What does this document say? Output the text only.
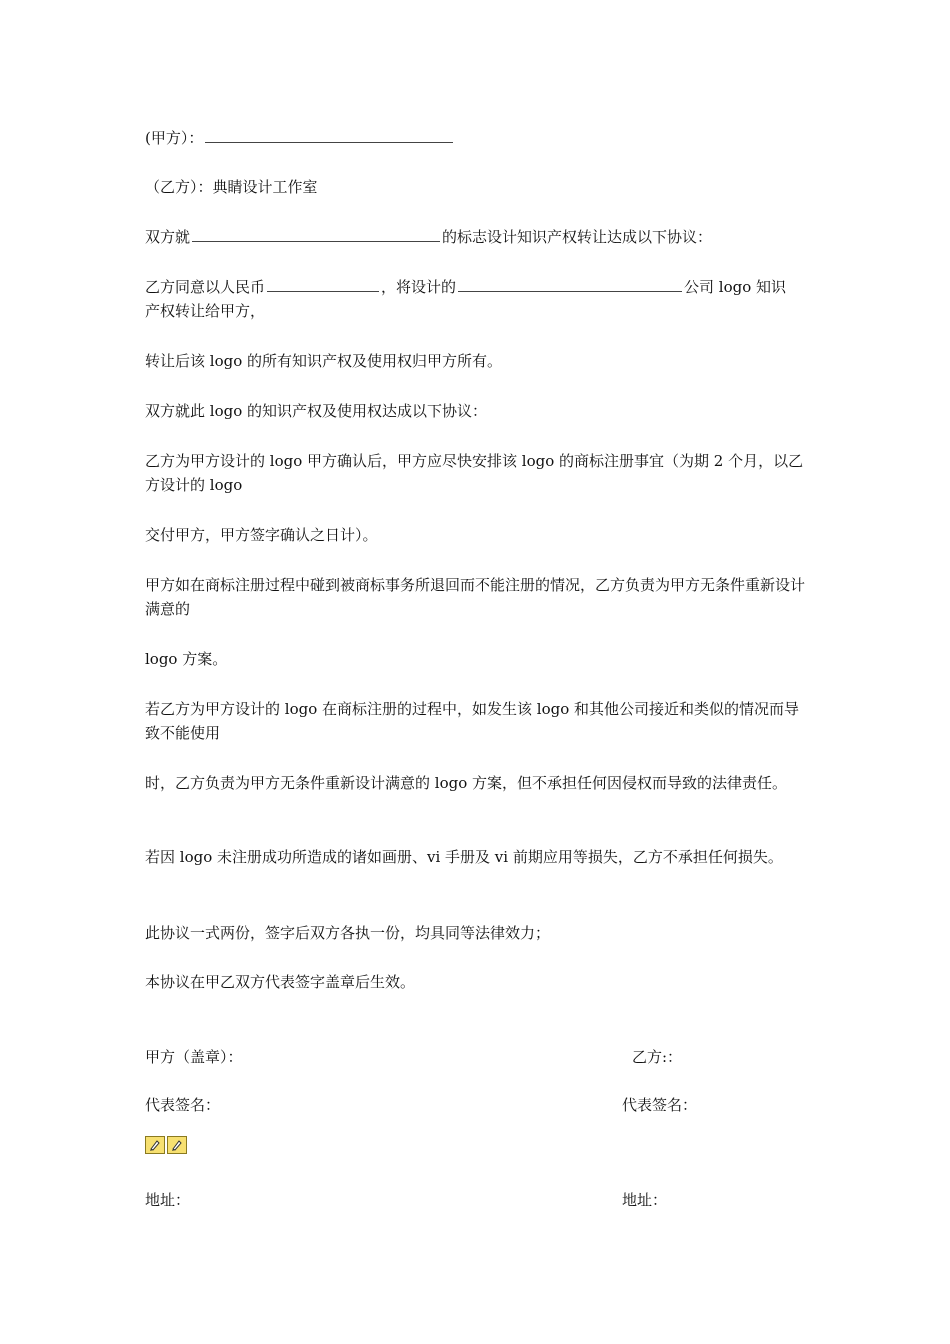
(甲方）：
（乙方）：典睛设计工作室
双方就	的标志设计知识产权转让达成以下协议：
乙方同意以人民币	，将设计的	公司 logo 知识
产权转让给甲方，
转让后该 logo 的所有知识产权及使用权归甲方所有。
双方就此 logo 的知识产权及使用权达成以下协议：
乙方为甲方设计的 logo 甲方确认后，甲方应尽快安排该 logo 的商标注册事宜（为期 2 个月，以乙方设计的 logo
交付甲方，甲方签字确认之日计）。
甲方如在商标注册过程中碰到被商标事务所退回而不能注册的情况，乙方负责为甲方无条件重新设计满意的
logo 方案。
若乙方为甲方设计的 logo 在商标注册的过程中，如发生该 logo 和其他公司接近和类似的情况而导致不能使用
时，乙方负责为甲方无条件重新设计满意的 logo 方案，但不承担任何因侵权而导致的法律责任。
若因 logo 未注册成功所造成的诸如画册、vi 手册及 vi 前期应用等损失，乙方不承担任何损失。
此协议一式两份，签字后双方各执一份，均具同等法律效力；
本协议在甲乙双方代表签字盖章后生效。
甲方（盖章）：	乙方:：
代表签名：	代表签名：
地址：	地址：
